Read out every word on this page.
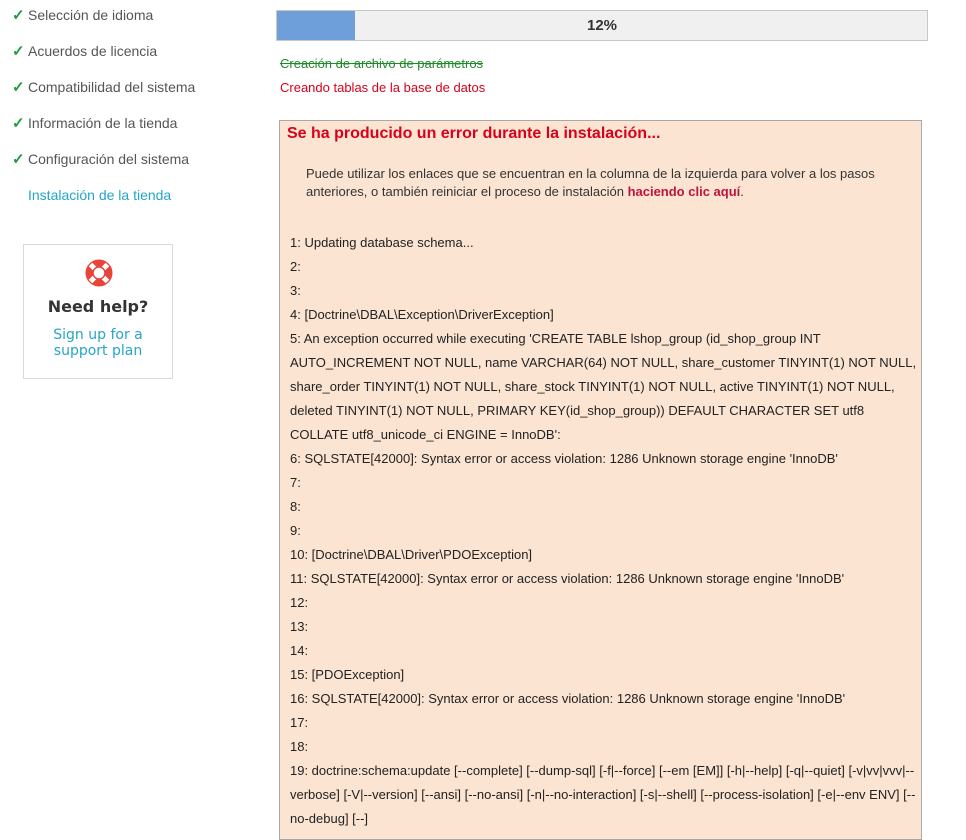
✓ Selección de idioma
✓ Acuerdos de licencia
✓ Compatibilidad del sistema
✓ Información de la tienda
✓ Configuración del sistema
Instalación de la tienda
Need help?
Sign up for a support plan
12%
Creación de archivo de parámetros
Creando tablas de la base de datos
Se ha producido un error durante la instalación...
Puede utilizar los enlaces que se encuentran en la columna de la izquierda para volver a los pasos anteriores, o también reiniciar el proceso de instalación haciendo clic aquí.
1: Updating database schema...
2:
3:
4: [Doctrine\DBAL\Exception\DriverException]
5: An exception occurred while executing 'CREATE TABLE lshop_group (id_shop_group INT AUTO_INCREMENT NOT NULL, name VARCHAR(64) NOT NULL, share_customer TINYINT(1) NOT NULL, share_order TINYINT(1) NOT NULL, share_stock TINYINT(1) NOT NULL, active TINYINT(1) NOT NULL, deleted TINYINT(1) NOT NULL, PRIMARY KEY(id_shop_group)) DEFAULT CHARACTER SET utf8 COLLATE utf8_unicode_ci ENGINE = InnoDB':
6: SQLSTATE[42000]: Syntax error or access violation: 1286 Unknown storage engine 'InnoDB'
7:
8:
9:
10: [Doctrine\DBAL\Driver\PDOException]
11: SQLSTATE[42000]: Syntax error or access violation: 1286 Unknown storage engine 'InnoDB'
12:
13:
14:
15: [PDOException]
16: SQLSTATE[42000]: Syntax error or access violation: 1286 Unknown storage engine 'InnoDB'
17:
18:
19: doctrine:schema:update [--complete] [--dump-sql] [-f|--force] [--em [EM]] [-h|--help] [-q|--quiet] [-v|vv|vvv|--verbose] [-V|--version] [--ansi] [--no-ansi] [-n|--no-interaction] [-s|--shell] [--process-isolation] [-e|--env ENV] [--no-debug] [--]
